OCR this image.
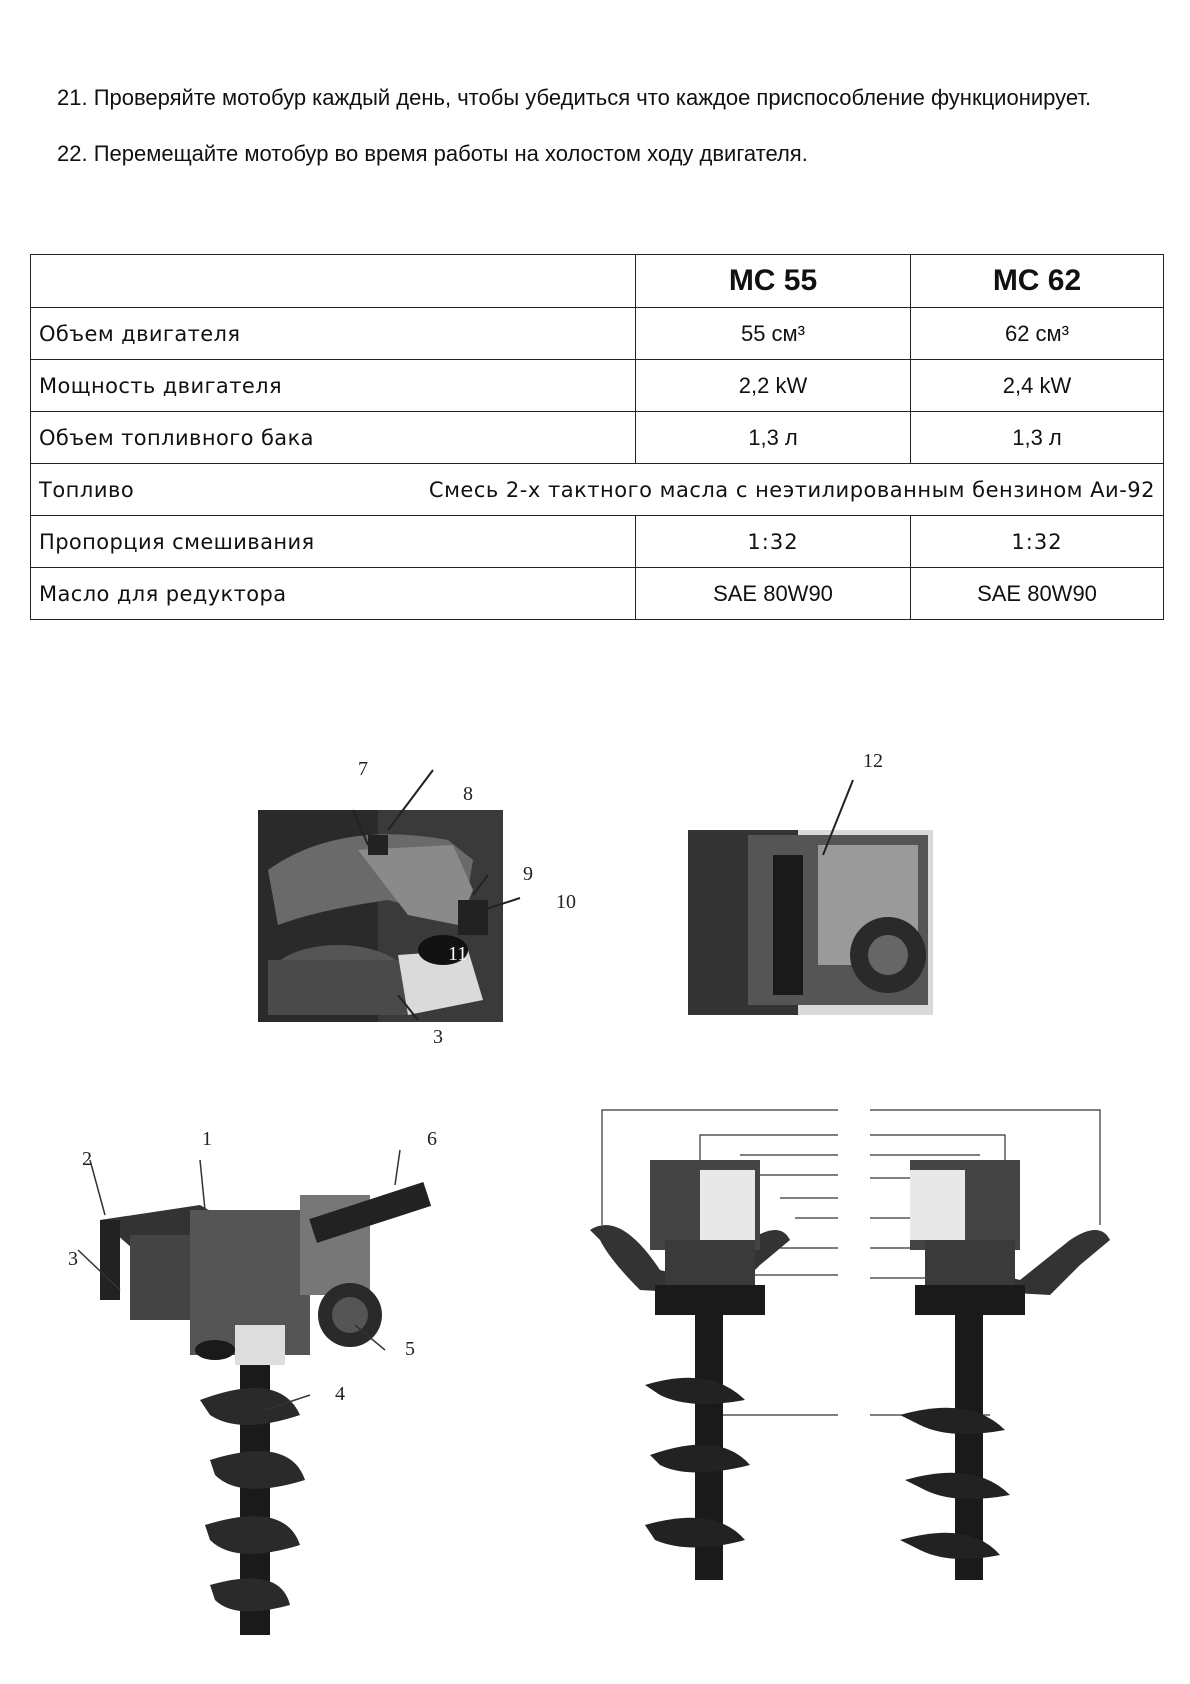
21. Проверяйте мотобур каждый день, чтобы убедиться что каждое приспособление функционирует.
22. Перемещайте мотобур во время работы на холостом ходу двигателя.
	MC 55	MC 62
Объем двигателя	55 см³	62 см³
Мощность двигателя	2,2 kW	2,4 kW
Объем топливного бака	1,3 л	1,3 л

Топливо Смесь 2-х тактного масла с неэтилированным бензином Аи-92		

Пропорция смешивания	1:32	1:32
Масло для редуктора	SAE 80W90	SAE 80W90
7
8
9
10
11
3
12
1
2
3
4
5
6
